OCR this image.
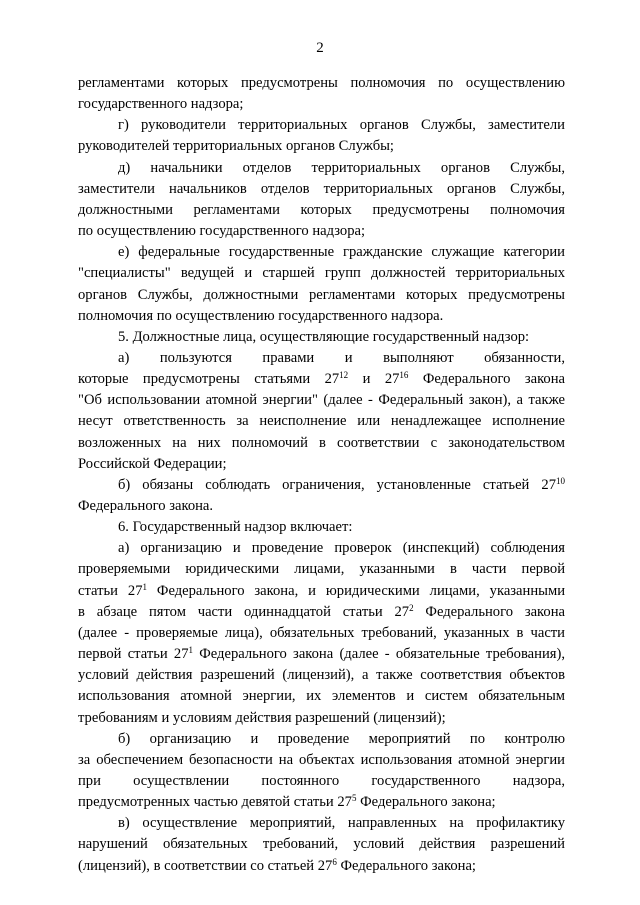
2
регламентами которых предусмотрены полномочия по осуществлению
государственного надзора;
г) руководители территориальных органов Службы, заместители
руководителей территориальных органов Службы;
д) начальники отделов территориальных органов Службы,
заместители начальников отделов территориальных органов Службы,
должностными регламентами которых предусмотрены полномочия
по осуществлению государственного надзора;
е) федеральные государственные гражданские служащие категории
"специалисты" ведущей и старшей групп должностей территориальных
органов Службы, должностными регламентами которых предусмотрены
полномочия по осуществлению государственного надзора.
5. Должностные лица, осуществляющие государственный надзор:
а) пользуются правами и выполняют обязанности,
которые предусмотрены статьями $27^{12}$ и $27^{16}$ Федерального закона
"Об использовании атомной энергии" (далее - Федеральный закон), а также
несут ответственность за неисполнение или ненадлежащее исполнение
возложенных на них полномочий в соответствии с законодательством
Российской Федерации;
б) обязаны соблюдать ограничения, установленные статьей $27^{10}$
Федерального закона.
6. Государственный надзор включает:
а) организацию и проведение проверок (инспекций) соблюдения
проверяемыми юридическими лицами, указанными в части первой
статьи $27^1$ Федерального закона, и юридическими лицами, указанными
в абзаце пятом части одиннадцатой статьи $27^2$ Федерального закона
(далее - проверяемые лица), обязательных требований, указанных в части
первой статьи $27^1$ Федерального закона (далее - обязательные требования),
условий действия разрешений (лицензий), а также соответствия объектов
использования атомной энергии, их элементов и систем обязательным
требованиям и условиям действия разрешений (лицензий);
б) организацию и проведение мероприятий по контролю
за обеспечением безопасности на объектах использования атомной энергии
при осуществлении постоянного государственного надзора,
предусмотренных частью девятой статьи $27^5$ Федерального закона;
в) осуществление мероприятий, направленных на профилактику
нарушений обязательных требований, условий действия разрешений
(лицензий), в соответствии со статьей $27^6$ Федерального закона;
